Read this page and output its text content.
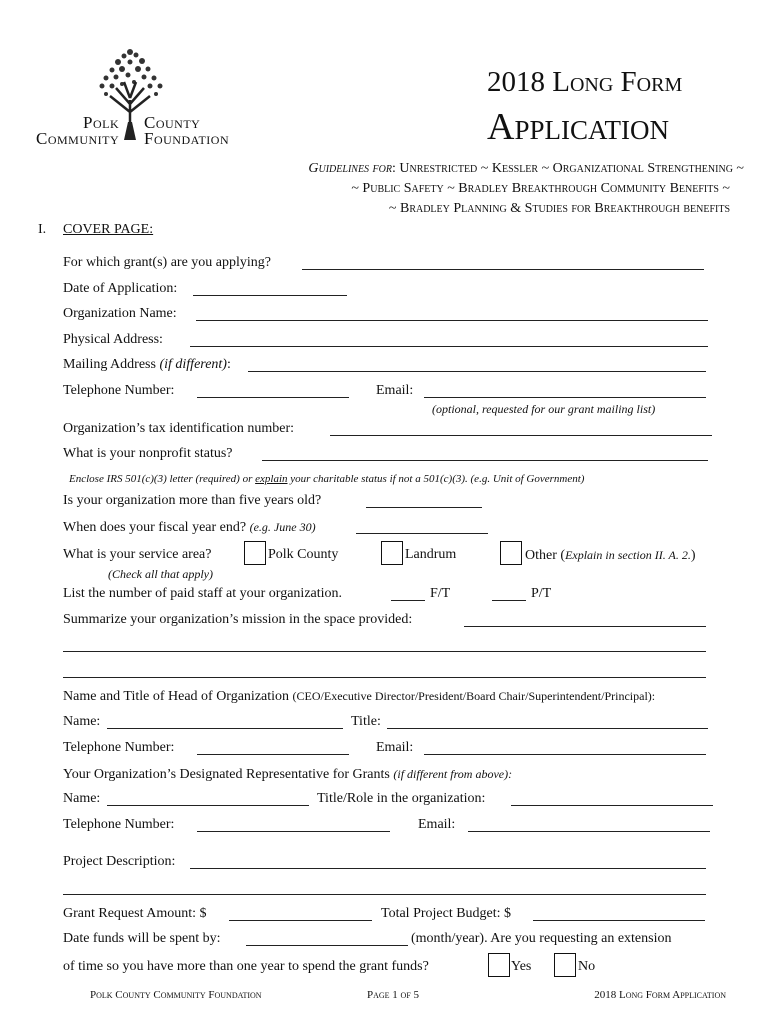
Polk County
Community Foundation
2018 Long Form
Application
Guidelines for: Unrestricted ~ Kessler ~ Organizational Strengthening ~
~ Public Safety ~ Bradley Breakthrough Community Benefits ~
~ Bradley Planning & Studies for Breakthrough benefits
I. COVER PAGE:
For which grant(s) are you applying?
Date of Application:
Organization Name:
Physical Address:
Mailing Address (if different):
Telephone Number:	Email:
(optional, requested for our grant mailing list)
Organization’s tax identification number:
What is your nonprofit status?
Enclose IRS 501(c)(3) letter (required) or explain your charitable status if not a 501(c)(3). (e.g. Unit of Government)
Is your organization more than five years old?
When does your fiscal year end? (e.g. June 30)
What is your service area?	Polk County	Landrum	Other (Explain in section II. A. 2.)
(Check all that apply)
List the number of paid staff at your organization.	F/T	P/T
Summarize your organization’s mission in the space provided:
Name and Title of Head of Organization (CEO/Executive Director/President/Board Chair/Superintendent/Principal):
Name:	Title:
Telephone Number:	Email:
Your Organization’s Designated Representative for Grants (if different from above):
Name:	Title/Role in the organization:
Telephone Number:	Email:
Project Description:
Grant Request Amount: $	Total Project Budget: $
Date funds will be spent by:	(month/year). Are you requesting an extension
of time so you have more than one year to spend the grant funds?	Yes	No
Polk County Community Foundation	Page 1 of 5	2018 Long Form Application
